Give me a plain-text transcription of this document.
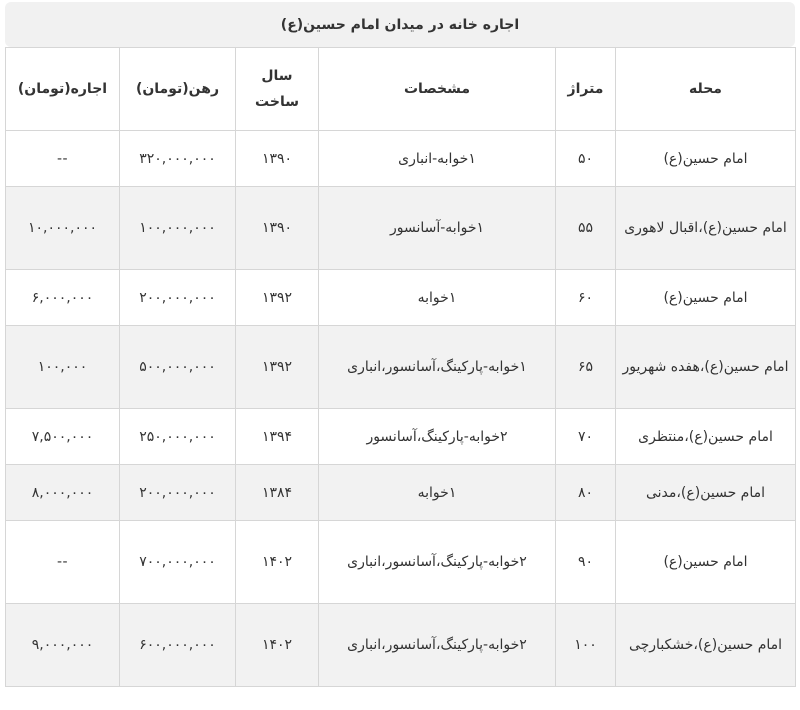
اجاره خانه در میدان امام حسین(ع)
محله	متراژ	مشخصات	سال ساخت	رهن(تومان)	اجاره(تومان)
امام حسین(ع)	۵۰	۱خوابه-انباری	۱۳۹۰	۳۲۰,۰۰۰,۰۰۰	--
امام حسین(ع)،اقبال لاهوری	۵۵	۱خوابه-آسانسور	۱۳۹۰	۱۰۰,۰۰۰,۰۰۰	۱۰,۰۰۰,۰۰۰
امام حسین(ع)	۶۰	۱خوابه	۱۳۹۲	۲۰۰,۰۰۰,۰۰۰	۶,۰۰۰,۰۰۰
امام حسین(ع)،هفده شهریور	۶۵	۱خوابه-پارکینگ،آسانسور،انباری	۱۳۹۲	۵۰۰,۰۰۰,۰۰۰	۱۰۰,۰۰۰
امام حسین(ع)،منتظری	۷۰	۲خوابه-پارکینگ،آسانسور	۱۳۹۴	۲۵۰,۰۰۰,۰۰۰	۷,۵۰۰,۰۰۰
امام حسین(ع)،مدنی	۸۰	۱خوابه	۱۳۸۴	۲۰۰,۰۰۰,۰۰۰	۸,۰۰۰,۰۰۰
امام حسین(ع)	۹۰	۲خوابه-پارکینگ،آسانسور،انباری	۱۴۰۲	۷۰۰,۰۰۰,۰۰۰	--
امام حسین(ع)،خشکبارچی	۱۰۰	۲خوابه-پارکینگ،آسانسور،انباری	۱۴۰۲	۶۰۰,۰۰۰,۰۰۰	۹,۰۰۰,۰۰۰
